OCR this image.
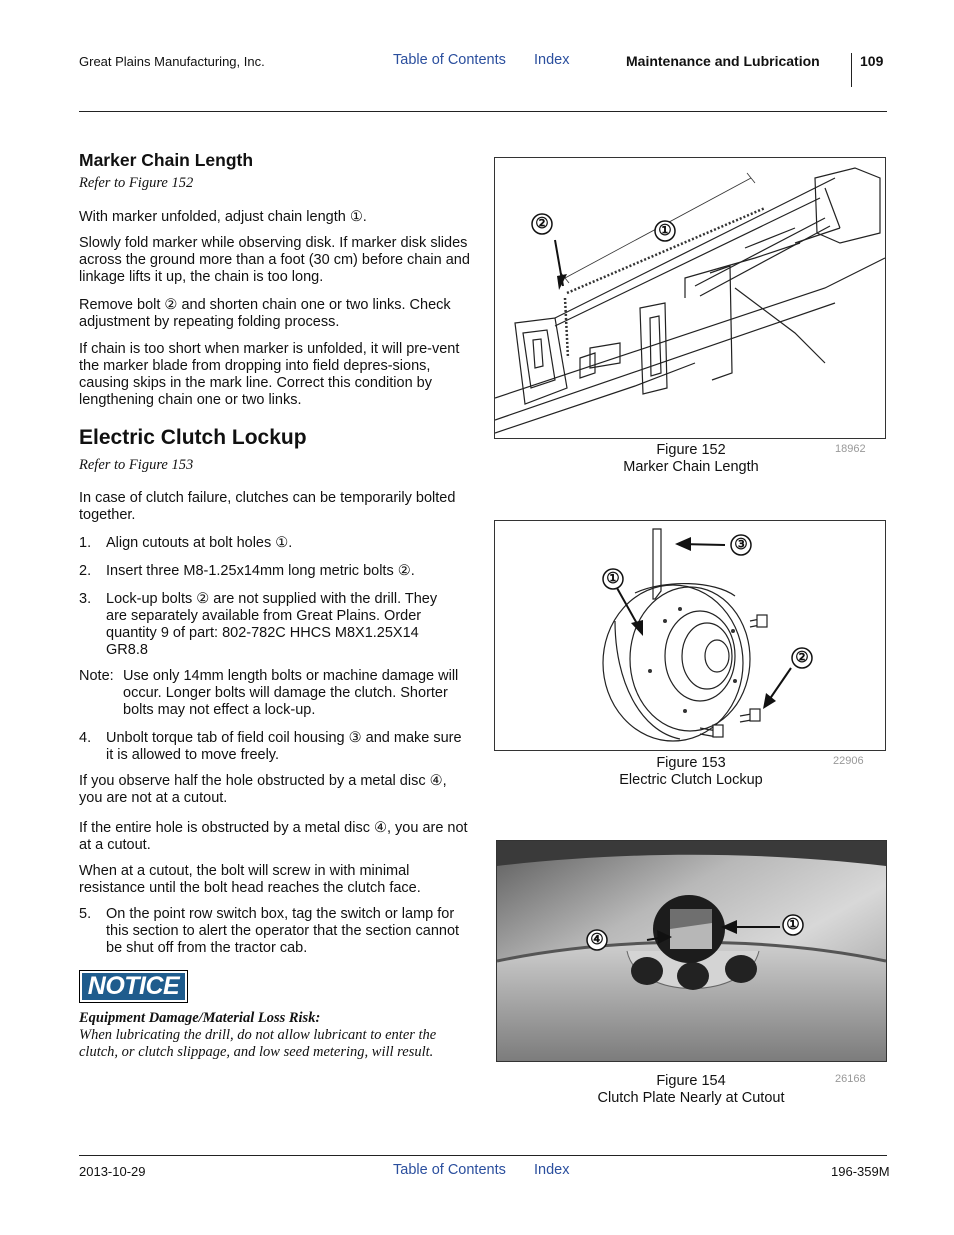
Great Plains Manufacturing, Inc.	Table of Contents Index	Maintenance and Lubrication	109
Marker Chain Length
Refer to Figure 152

With marker unfolded, adjust chain length ①.

Slowly fold marker while observing disk. If marker disk slides across the ground more than a foot (30 cm) before chain and linkage lifts it up, the chain is too long.

Remove bolt ② and shorten chain one or two links. Check adjustment by repeating folding process.

If chain is too short when marker is unfolded, it will pre-vent the marker blade from dropping into field depres-sions, causing skips in the mark line. Correct this condition by lengthening chain one or two links.

Electric Clutch Lockup
Refer to Figure 153

In case of clutch failure, clutches can be temporarily bolted together.

1. Align cutouts at bolt holes ①.

2. Insert three M8-1.25x14mm long metric bolts ②.

3. Lock-up bolts ② are not supplied with the drill. They are separately available from Great Plains. Order quantity 9 of part: 802-782C HHCS M8X1.25X14 GR8.8

Note: Use only 14mm length bolts or machine damage will occur. Longer bolts will damage the clutch. Shorter bolts may not effect a lock-up.

4. Unbolt torque tab of field coil housing ③ and make sure it is allowed to move freely.

If you observe half the hole obstructed by a metal disc ④, you are not at a cutout.

If the entire hole is obstructed by a metal disc ④, you are not at a cutout.

When at a cutout, the bolt will screw in with minimal resistance until the bolt head reaches the clutch face.

5. On the point row switch box, tag the switch or lamp for this section to alert the operator that the section cannot be shut off from the tractor cab.

NOTICE
Equipment Damage/Material Loss Risk:
When lubricating the drill, do not allow lubricant to enter the clutch, or clutch slippage, and low seed metering, will result.
②	①
Figure 152
Marker Chain Length
18962
③
①
②
Figure 153
Electric Clutch Lockup
22906
④
①
Figure 154
Clutch Plate Nearly at Cutout
26168
2013-10-29	Table of Contents Index	196-359M
